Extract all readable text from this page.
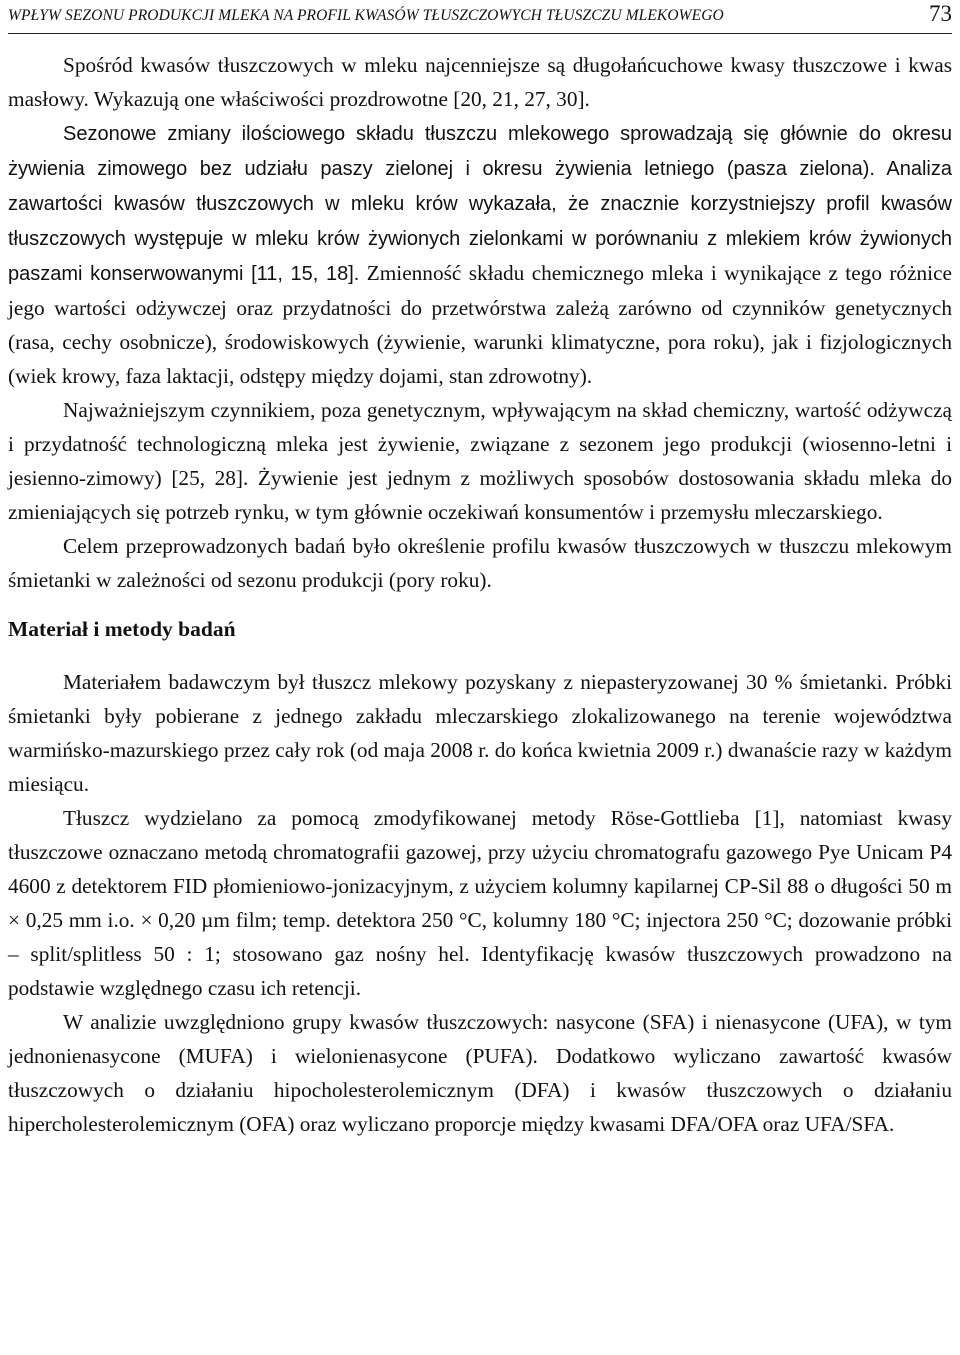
WPŁYW SEZONU PRODUKCJI MLEKA NA PROFIL KWASÓW TŁUSZCZOWYCH TŁUSZCZU MLEKOWEGO	73

Spośród kwasów tłuszczowych w mleku najcenniejsze są długołańcuchowe kwasy tłuszczowe i kwas masłowy. Wykazują one właściwości prozdrowotne [20, 21, 27, 30].

Sezonowe zmiany ilościowego składu tłuszczu mlekowego sprowadzają się głównie do okresu żywienia zimowego bez udziału paszy zielonej i okresu żywienia letniego (pasza zielona). Analiza zawartości kwasów tłuszczowych w mleku krów wykazała, że znacznie korzystniejszy profil kwasów tłuszczowych występuje w mleku krów żywionych zielonkami w porównaniu z mlekiem krów żywionych paszami konserwowanymi [11, 15, 18]. Zmienność składu chemicznego mleka i wynikające z tego różnice jego wartości odżywczej oraz przydatności do przetwórstwa zależą zarówno od czynników genetycznych (rasa, cechy osobnicze), środowiskowych (żywienie, warunki klimatyczne, pora roku), jak i fizjologicznych (wiek krowy, faza laktacji, odstępy między dojami, stan zdrowotny).

Najważniejszym czynnikiem, poza genetycznym, wpływającym na skład chemiczny, wartość odżywczą i przydatność technologiczną mleka jest żywienie, związane z sezonem jego produkcji (wiosenno-letni i jesienno-zimowy) [25, 28]. Żywienie jest jednym z możliwych sposobów dostosowania składu mleka do zmieniających się potrzeb rynku, w tym głównie oczekiwań konsumentów i przemysłu mleczarskiego.

Celem przeprowadzonych badań było określenie profilu kwasów tłuszczowych w tłuszczu mlekowym śmietanki w zależności od sezonu produkcji (pory roku).

Materiał i metody badań

Materiałem badawczym był tłuszcz mlekowy pozyskany z niepasteryzowanej 30 % śmietanki. Próbki śmietanki były pobierane z jednego zakładu mleczarskiego zlokalizowanego na terenie województwa warmińsko-mazurskiego przez cały rok (od maja 2008 r. do końca kwietnia 2009 r.) dwanaście razy w każdym miesiącu.

Tłuszcz wydzielano za pomocą zmodyfikowanej metody Röse-Gottlieba [1], natomiast kwasy tłuszczowe oznaczano metodą chromatografii gazowej, przy użyciu chromatografu gazowego Pye Unicam P4 4600 z detektorem FID płomieniowo-jonizacyjnym, z użyciem kolumny kapilarnej CP-Sil 88 o długości 50 m × 0,25 mm i.o. × 0,20 µm film; temp. detektora 250 °C, kolumny 180 °C; injectora 250 °C; dozowanie próbki – split/splitless 50 : 1; stosowano gaz nośny hel. Identyfikację kwasów tłuszczowych prowadzono na podstawie względnego czasu ich retencji.

W analizie uwzględniono grupy kwasów tłuszczowych: nasycone (SFA) i nienasycone (UFA), w tym jednonienasycone (MUFA) i wielonienasycone (PUFA). Dodatkowo wyliczano zawartość kwasów tłuszczowych o działaniu hipocholesterolemicznym (DFA) i kwasów tłuszczowych o działaniu hipercholesterolemicznym (OFA) oraz wyliczano proporcje między kwasami DFA/OFA oraz UFA/SFA.
